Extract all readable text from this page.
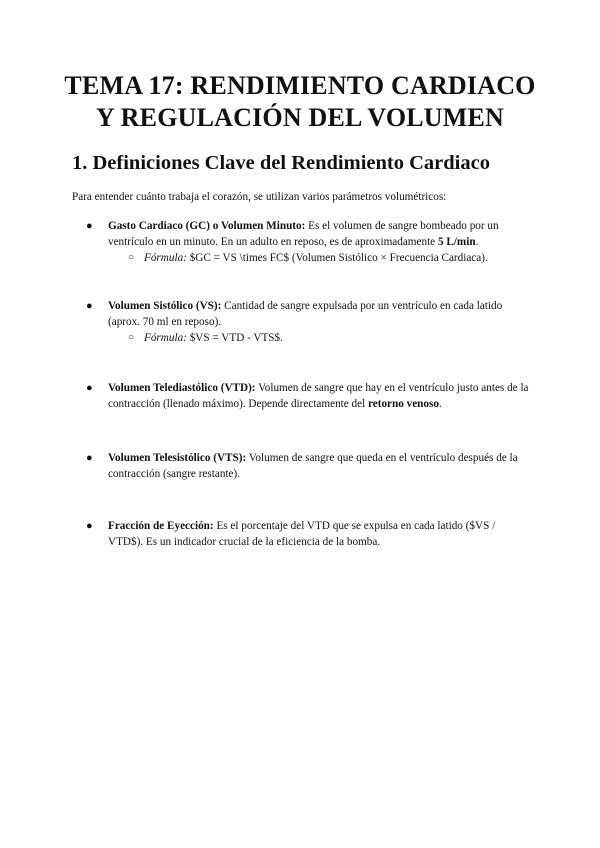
TEMA 17: RENDIMIENTO CARDIACO
Y REGULACIÓN DEL VOLUMEN
1. Definiciones Clave del Rendimiento Cardiaco

Para entender cuánto trabaja el corazón, se utilizan varios parámetros volumétricos:

● Gasto Cardiaco (GC) o Volumen Minuto: Es el volumen de sangre bombeado por un ventrículo en un minuto. En un adulto en reposo, es de aproximadamente 5 L/min.
○ Fórmula: $GC = VS \times FC$ (Volumen Sistólico × Frecuencia Cardiaca).
● Volumen Sistólico (VS): Cantidad de sangre expulsada por un ventrículo en cada latido (aprox. 70 ml en reposo).
○ Fórmula: $VS = VTD - VTS$.
● Volumen Telediastólico (VTD): Volumen de sangre que hay en el ventrículo justo antes de la contracción (llenado máximo). Depende directamente del retorno venoso.
● Volumen Telesistólico (VTS): Volumen de sangre que queda en el ventrículo después de la contracción (sangre restante).
● Fracción de Eyección: Es el porcentaje del VTD que se expulsa en cada latido ($VS / VTD$). Es un indicador crucial de la eficiencia de la bomba.
